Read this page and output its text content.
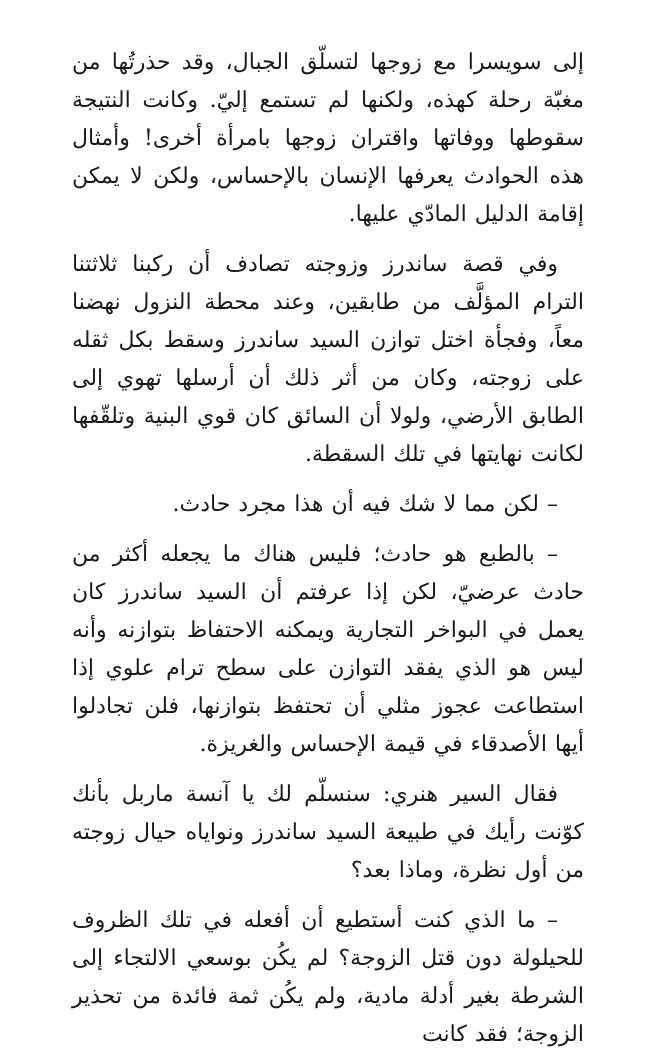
إلى سويسرا مع زوجها لتسلّق الجبال، وقد حذرتُها من مغبّة رحلة كهذه، ولكنها لم تستمع إليّ. وكانت النتيجة سقوطها ووفاتها واقتران زوجها بامرأة أخرى! وأمثال هذه الحوادث يعرفها الإنسان بالإحساس، ولكن لا يمكن إقامة الدليل المادّي عليها.

وفي قصة ساندرز وزوجته تصادف أن ركبنا ثلاثتنا الترام المؤلَّف من طابقين، وعند محطة النزول نهضنا معاً، وفجأة اختل توازن السيد ساندرز وسقط بكل ثقله على زوجته، وكان من أثر ذلك أن أرسلها تهوي إلى الطابق الأرضي، ولولا أن السائق كان قوي البنية وتلقّفها لكانت نهايتها في تلك السقطة.

– لكن مما لا شك فيه أن هذا مجرد حادث.

– بالطبع هو حادث؛ فليس هناك ما يجعله أكثر من حادث عرضيّ، لكن إذا عرفتم أن السيد ساندرز كان يعمل في البواخر التجارية ويمكنه الاحتفاظ بتوازنه وأنه ليس هو الذي يفقد التوازن على سطح ترام علوي إذا استطاعت عجوز مثلي أن تحتفظ بتوازنها، فلن تجادلوا أيها الأصدقاء في قيمة الإحساس والغريزة.

فقال السير هنري: سنسلّم لك يا آنسة ماربل بأنك كوّنت رأيك في طبيعة السيد ساندرز ونواياه حيال زوجته من أول نظرة، وماذا بعد؟

– ما الذي كنت أستطيع أن أفعله في تلك الظروف للحيلولة دون قتل الزوجة؟ لم يكُن بوسعي الالتجاء إلى الشرطة بغير أدلة مادية، ولم يكُن ثمة فائدة من تحذير الزوجة؛ فقد كانت
